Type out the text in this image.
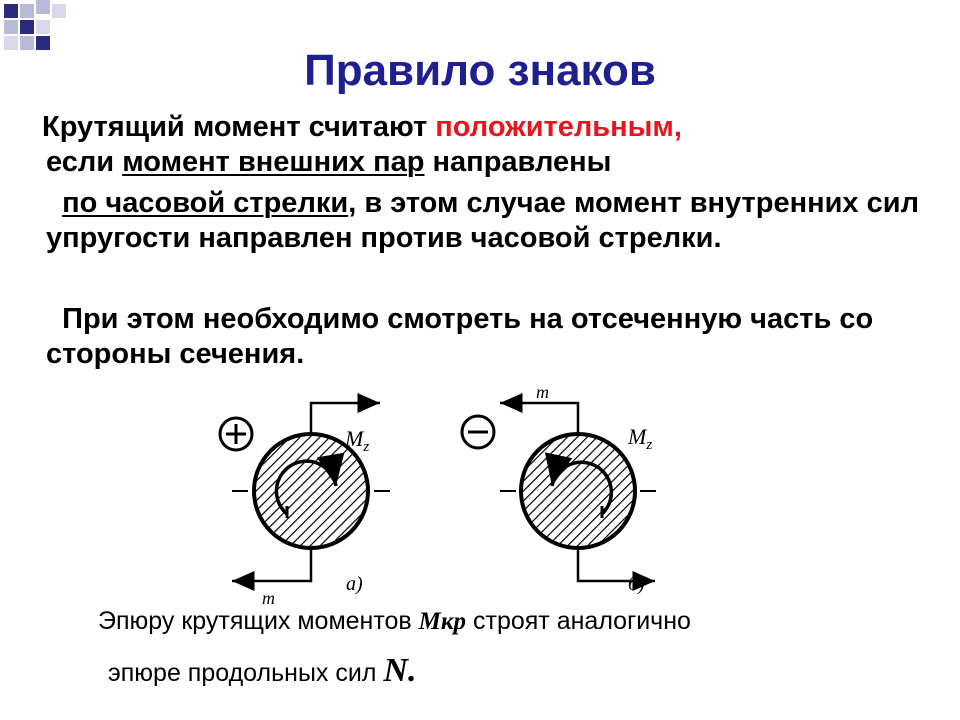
Правило знаков

Крутящий момент считают положительным,
если момент внешних пар направлены

по часовой стрелки, в этом случае момент внутренних сил упругости направлен против часовой стрелки.

При этом необходимо смотреть на отсеченную часть со стороны сечения.

$M_z$
m
а)
m
$M_z$
б)

Эпюру крутящих моментов Мкр строят аналогично

эпюре продольных сил N.
